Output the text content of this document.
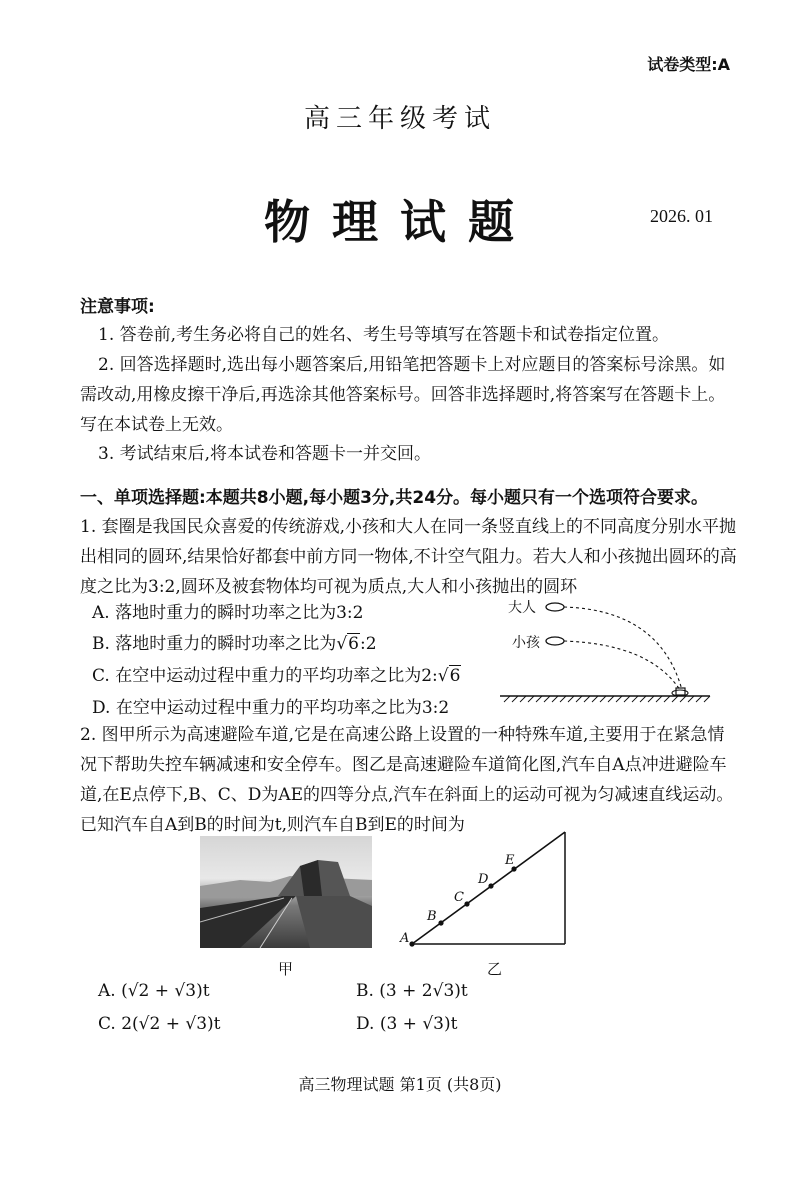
试卷类型:A
高三年级考试
物理试题	2026. 01
注意事项:
1. 答卷前,考生务必将自己的姓名、考生号等填写在答题卡和试卷指定位置。
2. 回答选择题时,选出每小题答案后,用铅笔把答题卡上对应题目的答案标号涂黑。如需改动,用橡皮擦干净后,再选涂其他答案标号。回答非选择题时,将答案写在答题卡上。写在本试卷上无效。
3. 考试结束后,将本试卷和答题卡一并交回。
一、单项选择题:本题共8小题,每小题3分,共24分。每小题只有一个选项符合要求。
1. 套圈是我国民众喜爱的传统游戏,小孩和大人在同一条竖直线上的不同高度分别水平抛出相同的圆环,结果恰好都套中前方同一物体,不计空气阻力。若大人和小孩抛出圆环的高度之比为3:2,圆环及被套物体均可视为质点,大人和小孩抛出的圆环
A. 落地时重力的瞬时功率之比为3:2
B. 落地时重力的瞬时功率之比为√6:2
C. 在空中运动过程中重力的平均功率之比为2:√6
D. 在空中运动过程中重力的平均功率之比为3:2
大人
小孩
2. 图甲所示为高速避险车道,它是在高速公路上设置的一种特殊车道,主要用于在紧急情况下帮助失控车辆减速和安全停车。图乙是高速避险车道简化图,汽车自A点冲进避险车道,在E点停下,B、C、D为AE的四等分点,汽车在斜面上的运动可视为匀减速直线运动。已知汽车自A到B的时间为t,则汽车自B到E的时间为
甲
A
B
C
D
E
乙
A. (√2 + √3)t	B. (3 + 2√3)t
C. 2(√2 + √3)t	D. (3 + √3)t
高三物理试题 第1页 (共8页)
